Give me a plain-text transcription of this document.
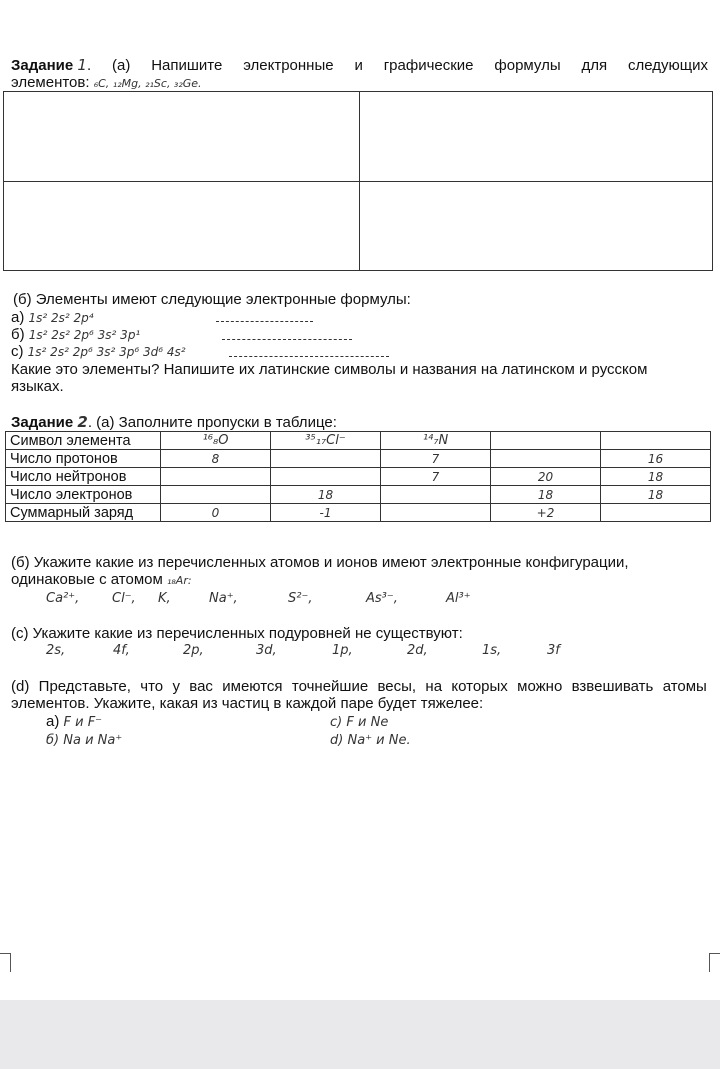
Задание 1. (а) Напишите электронные и графические формулы для следующих
элементов: ₆C, ₁₂Mg, ₂₁Sc, ₃₂Ge.
(б) Элементы имеют следующие электронные формулы:
а) 1s² 2s² 2p⁴
б) 1s² 2s² 2p⁶ 3s² 3p¹
с) 1s² 2s² 2p⁶ 3s² 3p⁶ 3d⁶ 4s²
Какие это элементы? Напишите их латинские символы и названия на латинском и русском
языках.
Задание 2. (а) Заполните пропуски в таблице:
Символ элемента	¹⁶₈O	³⁵₁₇Cl⁻	¹⁴₇N		
Число протонов	8		7		16
Число нейтронов			7	20	18
Число электронов		18		18	18
Суммарный заряд	0	-1		+2	
(б) Укажите какие из перечисленных атомов и ионов имеют электронные конфигурации,
одинаковые с атомом ₁₈Ar:
Ca²⁺,	Cl⁻, K,	Na⁺,	S²⁻,	As³⁻,	Al³⁺
(с) Укажите какие из перечисленных подуровней не существуют:
2s,	4f,	2p,	3d,	1p,	2d,	1s,	3f
(d) Представьте, что у вас имеются точнейшие весы, на которых можно взвешивать атомы
элементов. Укажите, какая из частиц в каждой паре будет тяжелее:
а) F и F⁻	с) F и Ne
б) Na и Na⁺	d) Na⁺ и Ne.
